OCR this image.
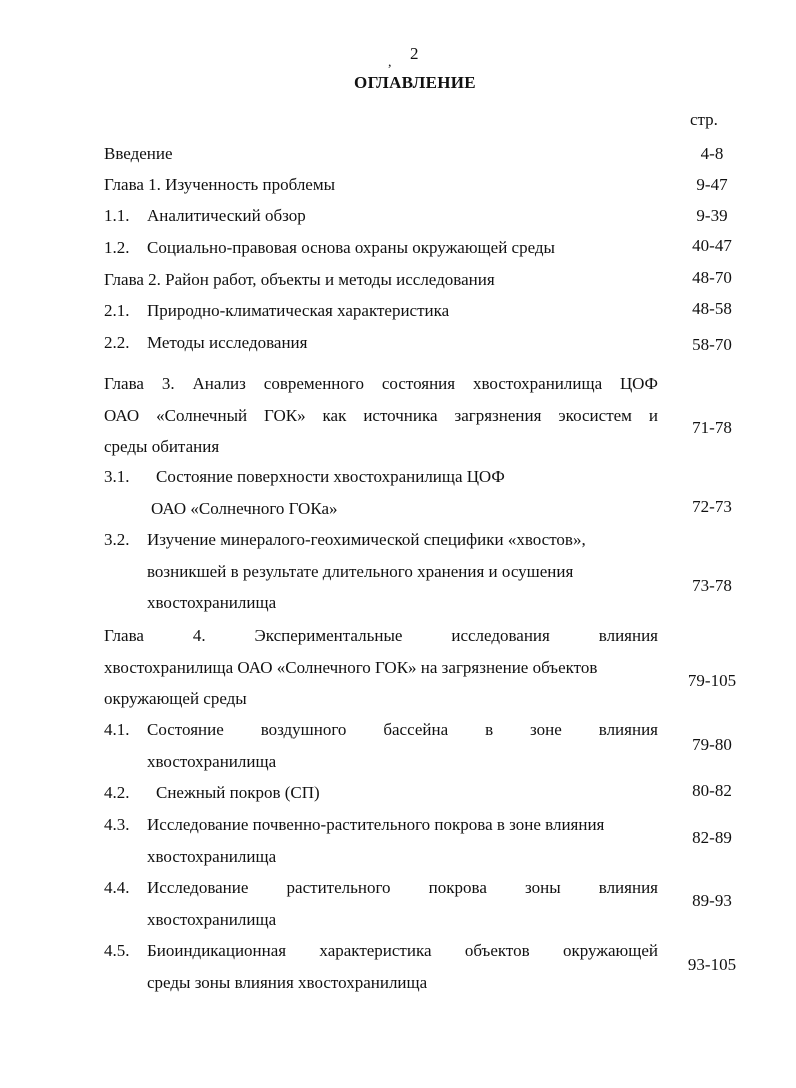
2
,
ОГЛАВЛЕНИЕ
стр.
Введение	4-8
Глава 1. Изученность проблемы	9-47
1.1.	Аналитический обзор	9-39
1.2.	Социально-правовая основа охраны окружающей среды	40-47
Глава 2. Район работ, объекты и методы исследования	48-70
2.1.	Природно-климатическая характеристика	48-58
2.2.	Методы исследования	58-70
Глава 3. Анализ современного состояния хвостохранилища ЦОФ
ОАО «Солнечный ГОК» как источника загрязнения экосистем и
среды обитания
71-78
3.1.	Состояние поверхности хвостохранилища ЦОФ
ОАО «Солнечного ГОКа»	72-73
3.2.	Изучение минералого-геохимической специфики «хвостов»,
возникшей в результате длительного хранения и осушения
хвостохранилища
73-78
Глава 4. Экспериментальные исследования влияния
хвостохранилища ОАО «Солнечного ГОК» на загрязнение объектов
окружающей среды
79-105
4.1.	Состояние воздушного бассейна в зоне влияния
хвостохранилища
79-80
4.2.	Снежный покров (СП)	80-82
4.3.	Исследование почвенно-растительного покрова в зоне влияния
хвостохранилища
82-89
4.4.	Исследование растительного покрова зоны влияния
хвостохранилища
89-93
4.5.	Биоиндикационная характеристика объектов окружающей
среды зоны влияния хвостохранилища
93-105
